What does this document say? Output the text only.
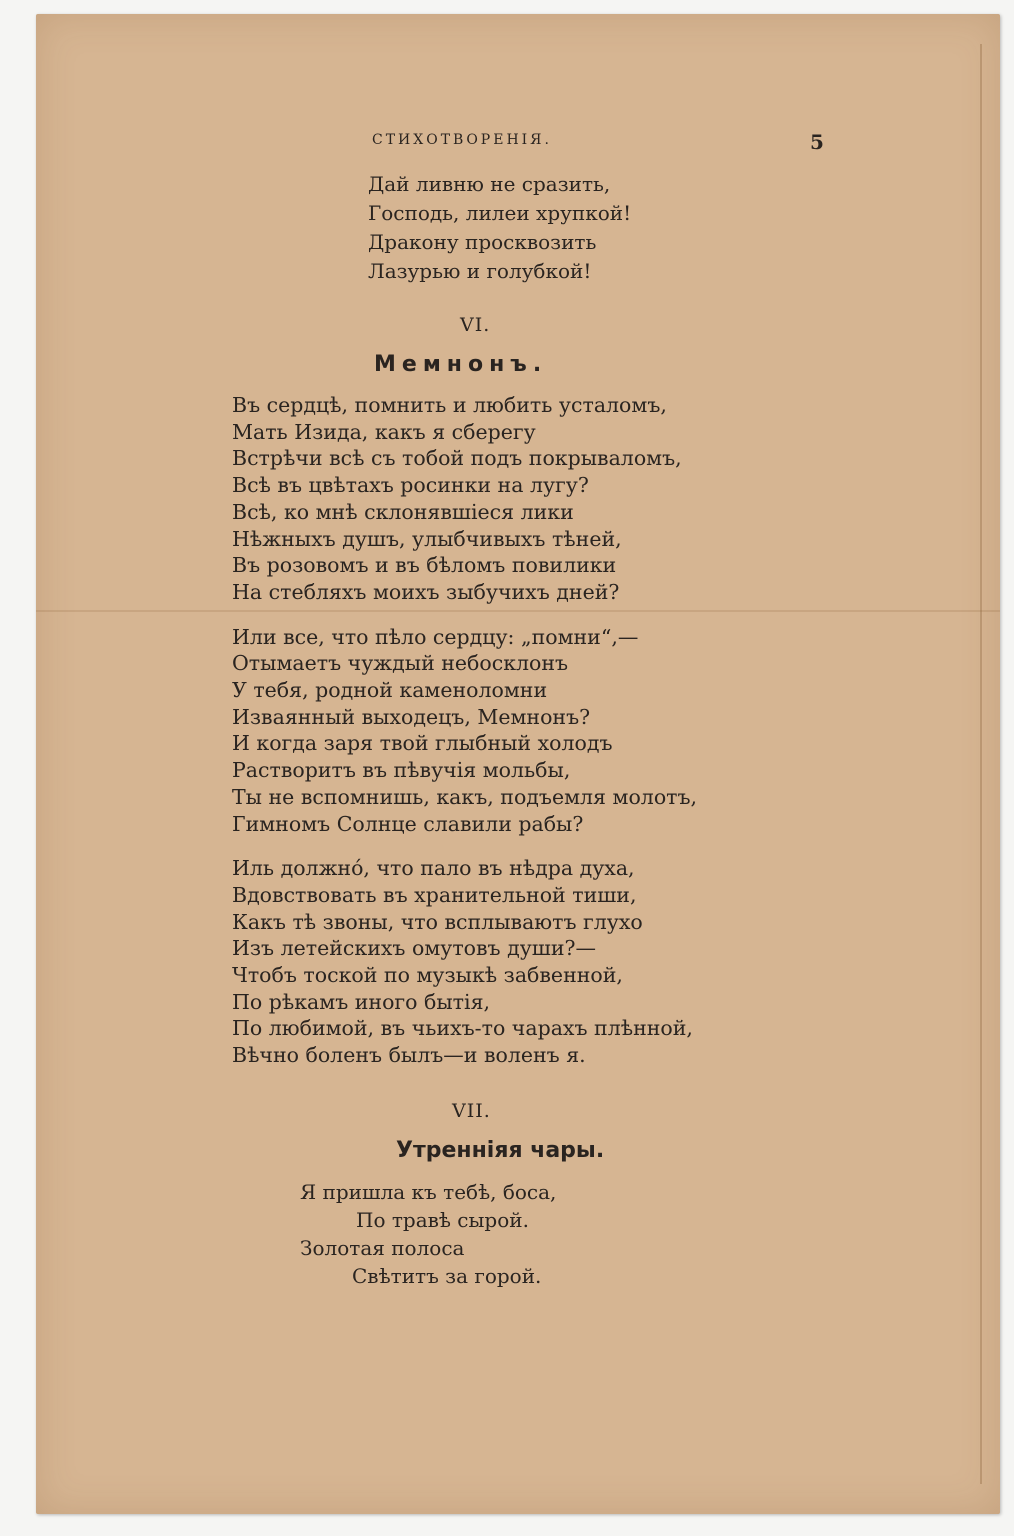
СТИХОТВОРЕНІЯ.	5
Дай ливню не сразить,
Господь, лилеи хрупкой!
Дракону просквозить
Лазурью и голубкой!
VI.
Мемнонъ.
Въ сердцѣ, помнить и любить усталомъ,
Мать Изида, какъ я сберегу
Встрѣчи всѣ съ тобой подъ покрываломъ,
Всѣ въ цвѣтахъ росинки на лугу?
Всѣ, ко мнѣ склонявшіеся лики
Нѣжныхъ душъ, улыбчивыхъ тѣней,
Въ розовомъ и въ бѣломъ повилики
На стебляхъ моихъ зыбучихъ дней?
Или все, что пѣло сердцу: „помни“,—
Отымаетъ чуждый небосклонъ
У тебя, родной каменоломни
Изваянный выходецъ, Мемнонъ?
И когда заря твой глыбный холодъ
Растворитъ въ пѣвучія мольбы,
Ты не вспомнишь, какъ, подъемля молотъ,
Гимномъ Солнце славили рабы?
Иль должно́, что пало въ нѣдра духа,
Вдовствовать въ хранительной тиши,
Какъ тѣ звоны, что всплываютъ глухо
Изъ летейскихъ омутовъ души?—
Чтобъ тоской по музыкѣ забвенной,
По рѣкамъ иного бытія,
По любимой, въ чьихъ-то чарахъ плѣнной,
Вѣчно боленъ былъ—и воленъ я.
VII.
Утренніяя чары.
Я пришла къ тебѣ, боса,
По травѣ сырой.
Золотая полоса
Свѣтитъ за горой.
